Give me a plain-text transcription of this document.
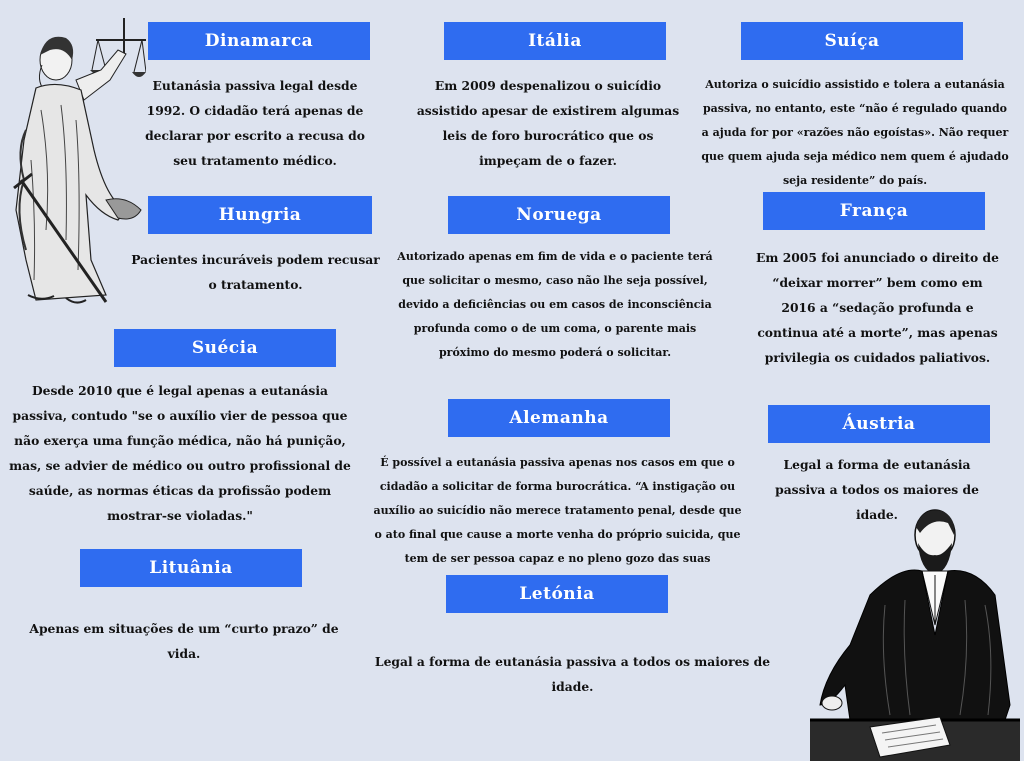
Dinamarca
Eutanásia passiva legal desde 1992. O cidadão terá apenas de declarar por escrito a recusa do seu tratamento médico.
Itália
Em 2009 despenalizou o suicídio assistido apesar de existirem algumas leis de foro burocrático que os impeçam de o fazer.
Suíça
Autoriza o suicídio assistido e tolera a eutanásia passiva, no entanto, este “não é regulado quando a ajuda for por «razões não egoístas». Não requer que quem ajuda seja médico nem quem é ajudado seja residente” do país.
Hungria
Pacientes incuráveis podem recusar o tratamento.
Noruega
Autorizado apenas em fim de vida e o paciente terá que solicitar o mesmo, caso não lhe seja possível, devido a deficiências ou em casos de inconsciência profunda como o de um coma, o parente mais próximo do mesmo poderá o solicitar.
França
Em 2005 foi anunciado o direito de “deixar morrer” bem como em 2016 a “sedação profunda e continua até a morte”, mas apenas privilegia os cuidados paliativos.
Suécia
Desde 2010 que é legal apenas a eutanásia passiva, contudo "se o auxílio vier de pessoa que não exerça uma função médica, não há punição, mas, se advier de médico ou outro profissional de saúde, as normas éticas da profissão podem mostrar-se violadas."
Alemanha
É possível a eutanásia passiva apenas nos casos em que o cidadão a solicitar de forma burocrática. “A instigação ou auxílio ao suicídio não merece tratamento penal, desde que o ato final que cause a morte venha do próprio suicida, que tem de ser pessoa capaz e no pleno gozo das suas
Áustria
Legal a forma de eutanásia passiva a todos os maiores de idade.
Lituânia
Apenas em situações de um “curto prazo” de vida.
Letónia
Legal a forma de eutanásia passiva a todos os maiores de idade.
